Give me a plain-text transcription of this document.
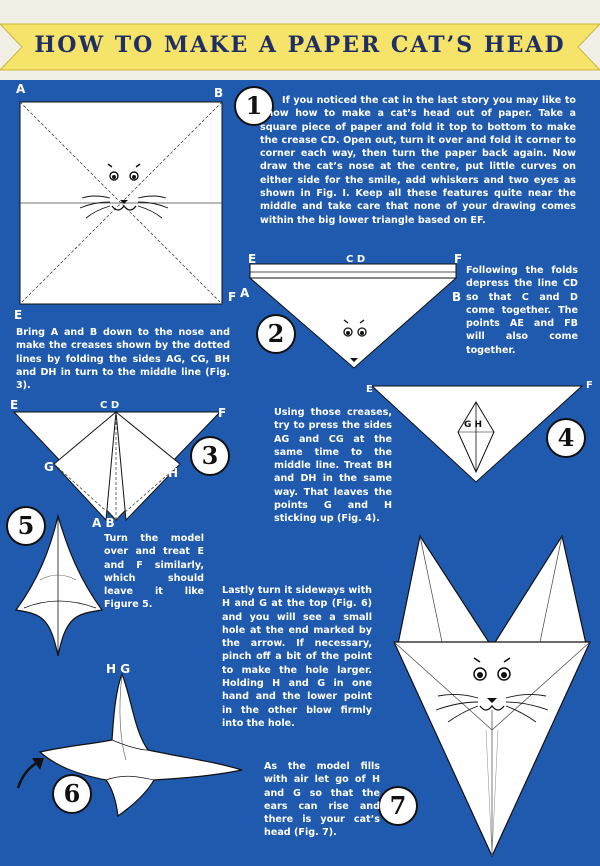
HOW TO MAKE A PAPER CAT’S HEAD
A	B
C	D
E
F
1	If you noticed the cat in the last story you may like to know how to make a cat’s head out of paper. Take a square piece of paper and fold it top to bottom to make the crease CD. Open out, turn it over and fold it corner to corner each way, then turn the paper back again. Now draw the cat’s nose at the centre, put little curves on either side for the smile, add whiskers and two eyes as shown in Fig. I. Keep all these features quite near the middle and take care that none of your drawing comes within the big lower triangle based on EF.
E	C D	F
A	B
2
Following the folds depress the line CD so that C and D come together. The points AE and FB will also come together.
Bring A and B down to the nose and make the creases shown by the dotted lines by folding the sides AG, CG, BH and DH in turn to the middle line (Fig. 3).
E	C D
F
G	H
A B
3
E	F
G H	4
Using those creases, try to press the sides AG and CG at the same time to the middle line. Treat BH and DH in the same way. That leaves the points G and H sticking up (Fig. 4).
5	Turn the model over and treat E and F similarly, which should leave it like Figure 5.
H G
6
Lastly turn it sideways with H and G at the top (Fig. 6) and you will see a small hole at the end marked by the arrow. If necessary, pinch off a bit of the point to make the hole larger. Holding H and G in one hand and the lower point in the other blow firmly into the hole.
7
As the model fills with air let go of H and G so that the ears can rise and there is your cat’s head (Fig. 7).
